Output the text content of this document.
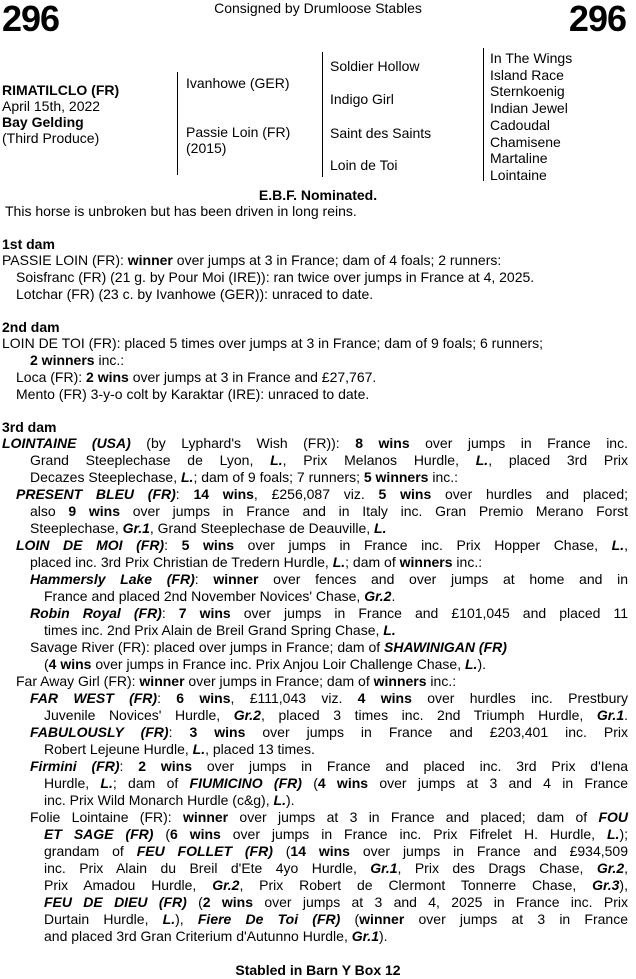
296	Consigned by Drumloose Stables	296
RIMATILCLO (FR)
April 15th, 2022
Bay Gelding
(Third Produce)
Ivanhowe (GER)
Passie Loin (FR)
(2015)
Soldier Hollow
Indigo Girl
Saint des Saints
Loin de Toi
In The Wings
Island Race
Sternkoenig
Indian Jewel
Cadoudal
Chamisene
Martaline
Lointaine
E.B.F. Nominated.
This horse is unbroken but has been driven in long reins.
1st dam
PASSIE LOIN (FR): winner over jumps at 3 in France; dam of 4 foals; 2 runners:
Soisfranc (FR) (21 g. by Pour Moi (IRE)): ran twice over jumps in France at 4, 2025.
Lotchar (FR) (23 c. by Ivanhowe (GER)): unraced to date.
2nd dam
LOIN DE TOI (FR): placed 5 times over jumps at 3 in France; dam of 9 foals; 6 runners;
2 winners inc.:
Loca (FR): 2 wins over jumps at 3 in France and £27,767.
Mento (FR) 3-y-o colt by Karaktar (IRE): unraced to date.
3rd dam
LOINTAINE (USA) (by Lyphard's Wish (FR)): 8 wins over jumps in France inc.
Grand Steeplechase de Lyon, L., Prix Melanos Hurdle, L., placed 3rd Prix
Decazes Steeplechase, L.; dam of 9 foals; 7 runners; 5 winners inc.:
PRESENT BLEU (FR): 14 wins, £256,087 viz. 5 wins over hurdles and placed;
also 9 wins over jumps in France and in Italy inc. Gran Premio Merano Forst
Steeplechase, Gr.1, Grand Steeplechase de Deauville, L.
LOIN DE MOI (FR): 5 wins over jumps in France inc. Prix Hopper Chase, L.,
placed inc. 3rd Prix Christian de Tredern Hurdle, L.; dam of winners inc.:
Hammersly Lake (FR): winner over fences and over jumps at home and in
France and placed 2nd November Novices' Chase, Gr.2.
Robin Royal (FR): 7 wins over jumps in France and £101,045 and placed 11
times inc. 2nd Prix Alain de Breil Grand Spring Chase, L.
Savage River (FR): placed over jumps in France; dam of SHAWINIGAN (FR)
(4 wins over jumps in France inc. Prix Anjou Loir Challenge Chase, L.).
Far Away Girl (FR): winner over jumps in France; dam of winners inc.:
FAR WEST (FR): 6 wins, £111,043 viz. 4 wins over hurdles inc. Prestbury
Juvenile Novices' Hurdle, Gr.2, placed 3 times inc. 2nd Triumph Hurdle, Gr.1.
FABULOUSLY (FR): 3 wins over jumps in France and £203,401 inc. Prix
Robert Lejeune Hurdle, L., placed 13 times.
Firmini (FR): 2 wins over jumps in France and placed inc. 3rd Prix d'Iena
Hurdle, L.; dam of FIUMICINO (FR) (4 wins over jumps at 3 and 4 in France
inc. Prix Wild Monarch Hurdle (c&g), L.).
Folie Lointaine (FR): winner over jumps at 3 in France and placed; dam of FOU
ET SAGE (FR) (6 wins over jumps in France inc. Prix Fifrelet H. Hurdle, L.);
grandam of FEU FOLLET (FR) (14 wins over jumps in France and £934,509
inc. Prix Alain du Breil d'Ete 4yo Hurdle, Gr.1, Prix des Drags Chase, Gr.2,
Prix Amadou Hurdle, Gr.2, Prix Robert de Clermont Tonnerre Chase, Gr.3),
FEU DE DIEU (FR) (2 wins over jumps at 3 and 4, 2025 in France inc. Prix
Durtain Hurdle, L.), Fiere De Toi (FR) (winner over jumps at 3 in France
and placed 3rd Gran Criterium d'Autunno Hurdle, Gr.1).
Stabled in Barn Y Box 12
